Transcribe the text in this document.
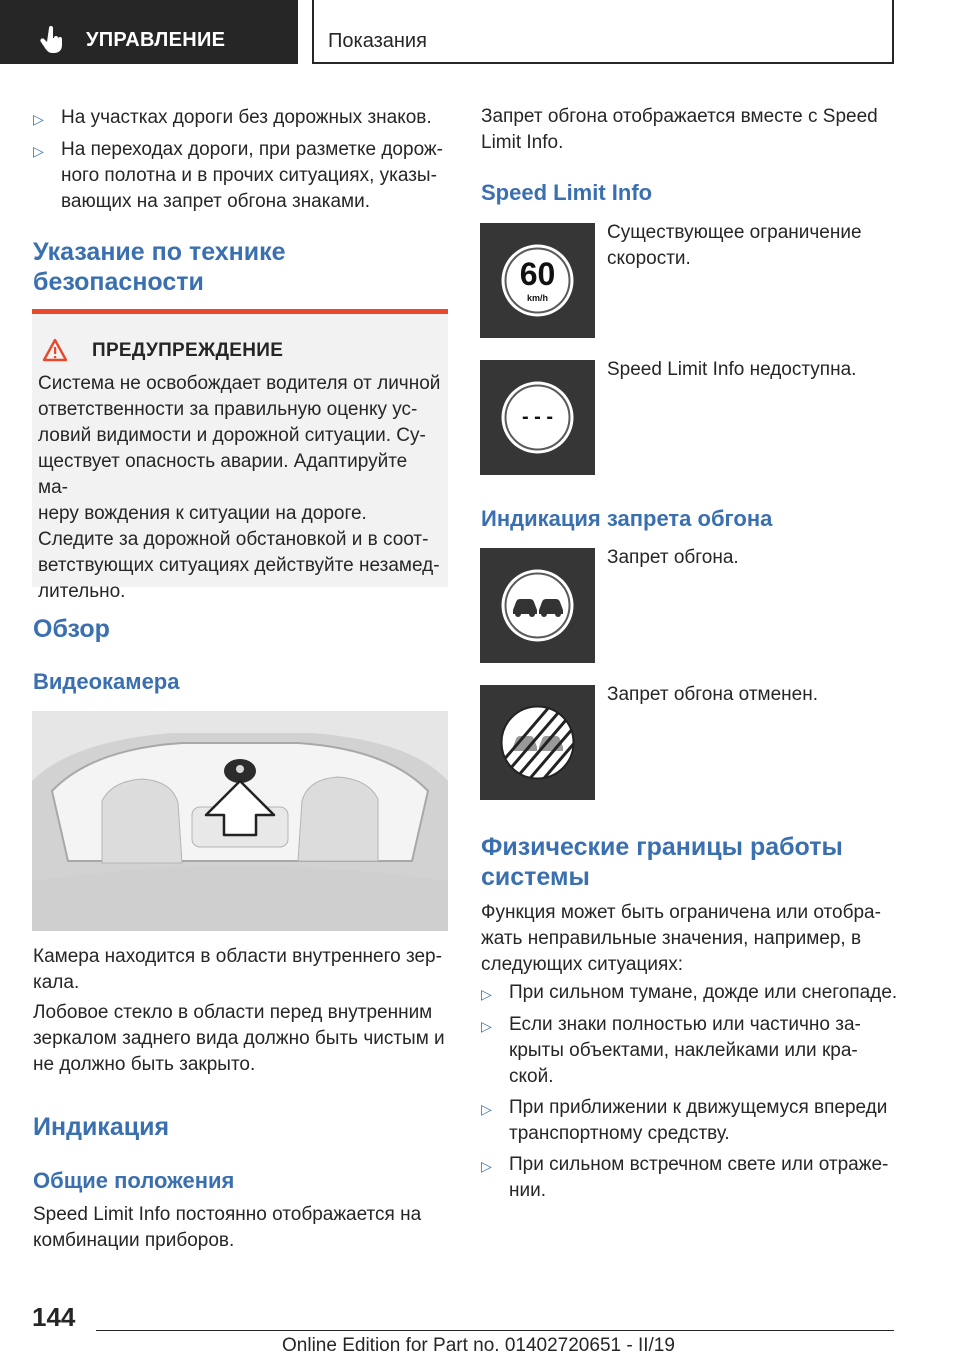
УПРАВЛЕНИЕ	Показания
▷ На участках дороги без дорожных знаков.
▷ На переходах дороги, при разметке дорож-
ного полотна и в прочих ситуациях, указы-
вающих на запрет обгона знаками.
Указание по технике
безопасности
ПРЕДУПРЕЖДЕНИЕ
Система не освобождает водителя от личной
ответственности за правильную оценку ус-
ловий видимости и дорожной ситуации. Су-
ществует опасность аварии. Адаптируйте ма-
неру вождения к ситуации на дороге.
Следите за дорожной обстановкой и в соот-
ветствующих ситуациях действуйте незамед-
лительно.
Обзор
Видеокамера
Камера находится в области внутреннего зер-
кала.
Лобовое стекло в области перед внутренним
зеркалом заднего вида должно быть чистым и
не должно быть закрыто.
Индикация
Общие положения
Speed Limit Info постоянно отображается на
комбинации приборов.
Запрет обгона отображается вместе с Speed
Limit Info.
Speed Limit Info
60
km/h
Существующее ограничение
скорости.
- - -
Speed Limit Info недоступна.
Индикация запрета обгона
Запрет обгона.
Запрет обгона отменен.
Физические границы работы
системы
Функция может быть ограничена или отобра-
жать неправильные значения, например, в
следующих ситуациях:
▷ При сильном тумане, дожде или снегопаде.
▷ Если знаки полностью или частично за-
крыты объектами, наклейками или кра-
ской.
▷ При приближении к движущемуся впереди
транспортному средству.
▷ При сильном встречном свете или отраже-
нии.
144
Online Edition for Part no. 01402720651 - II/19
